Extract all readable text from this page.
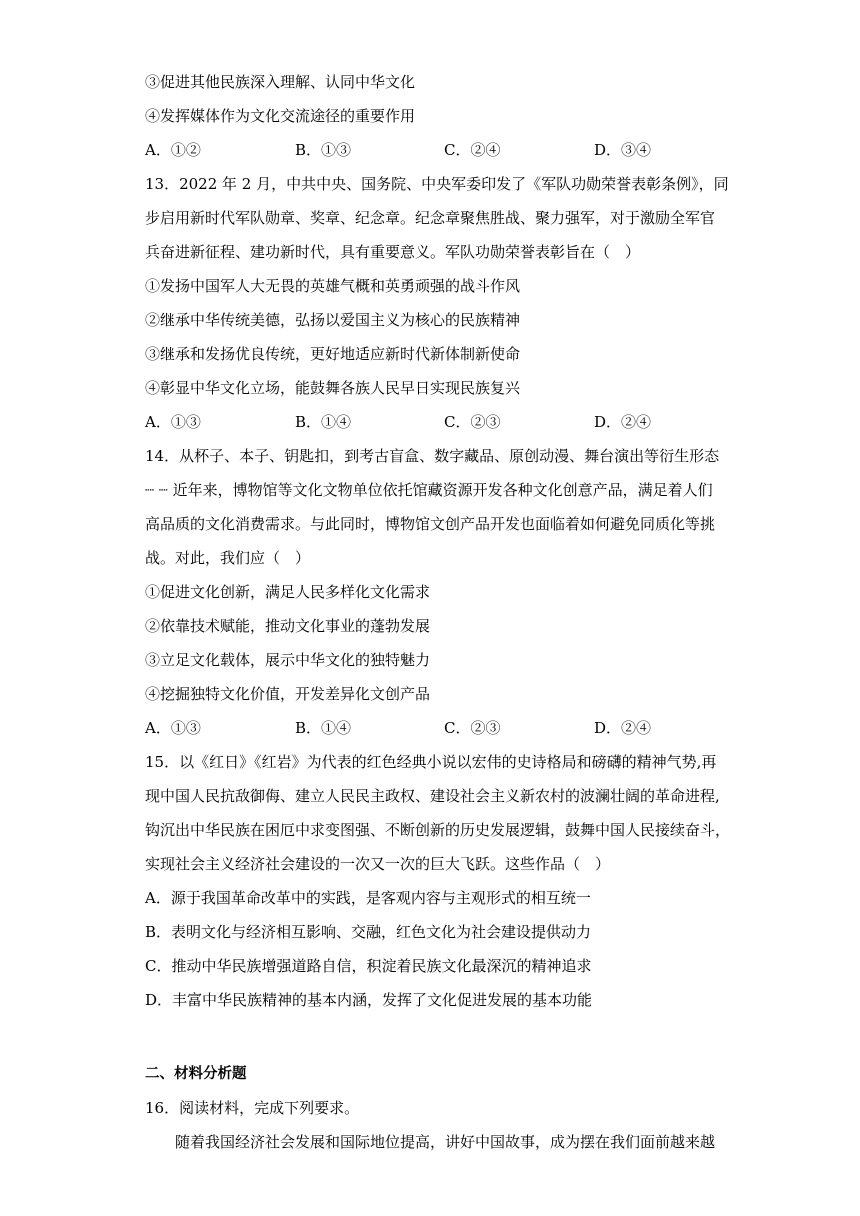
③促进其他民族深入理解、认同中华文化
④发挥媒体作为文化交流途径的重要作用
A．①②	B．①③	C．②④	D．③④
13．2022 年 2 月，中共中央、国务院、中央军委印发了《军队功勋荣誉表彰条例》，同
步启用新时代军队勋章、奖章、纪念章。纪念章聚焦胜战、聚力强军，对于激励全军官
兵奋进新征程、建功新时代，具有重要意义。军队功勋荣誉表彰旨在（　）
①发扬中国军人大无畏的英雄气概和英勇顽强的战斗作风
②继承中华传统美德，弘扬以爱国主义为核心的民族精神
③继承和发扬优良传统，更好地适应新时代新体制新使命
④彰显中华文化立场，能鼓舞各族人民早日实现民族复兴
A．①③	B．①④	C．②③	D．②④
14．从杯子、本子、钥匙扣，到考古盲盒、数字藏品、原创动漫、舞台演出等衍生形态
┈ ┈ 近年来，博物馆等文化文物单位依托馆藏资源开发各种文化创意产品，满足着人们
高品质的文化消费需求。与此同时，博物馆文创产品开发也面临着如何避免同质化等挑
战。对此，我们应（　）
①促进文化创新，满足人民多样化文化需求
②依靠技术赋能，推动文化事业的蓬勃发展
③立足文化载体，展示中华文化的独特魅力
④挖掘独特文化价值，开发差异化文创产品
A．①③	B．①④	C．②③	D．②④
15．以《红日》《红岩》为代表的红色经典小说以宏伟的史诗格局和磅礴的精神气势,再
现中国人民抗敌御侮、建立人民民主政权、建设社会主义新农村的波澜壮阔的革命进程,
钩沉出中华民族在困厄中求变图强、不断创新的历史发展逻辑，鼓舞中国人民接续奋斗，
实现社会主义经济社会建设的一次又一次的巨大飞跃。这些作品（　）
A．源于我国革命改革中的实践，是客观内容与主观形式的相互统一
B．表明文化与经济相互影响、交融，红色文化为社会建设提供动力
C．推动中华民族增强道路自信，积淀着民族文化最深沉的精神追求
D．丰富中华民族精神的基本内涵，发挥了文化促进发展的基本功能
二、材料分析题
16．阅读材料，完成下列要求。
随着我国经济社会发展和国际地位提高，讲好中国故事，成为摆在我们面前越来越
